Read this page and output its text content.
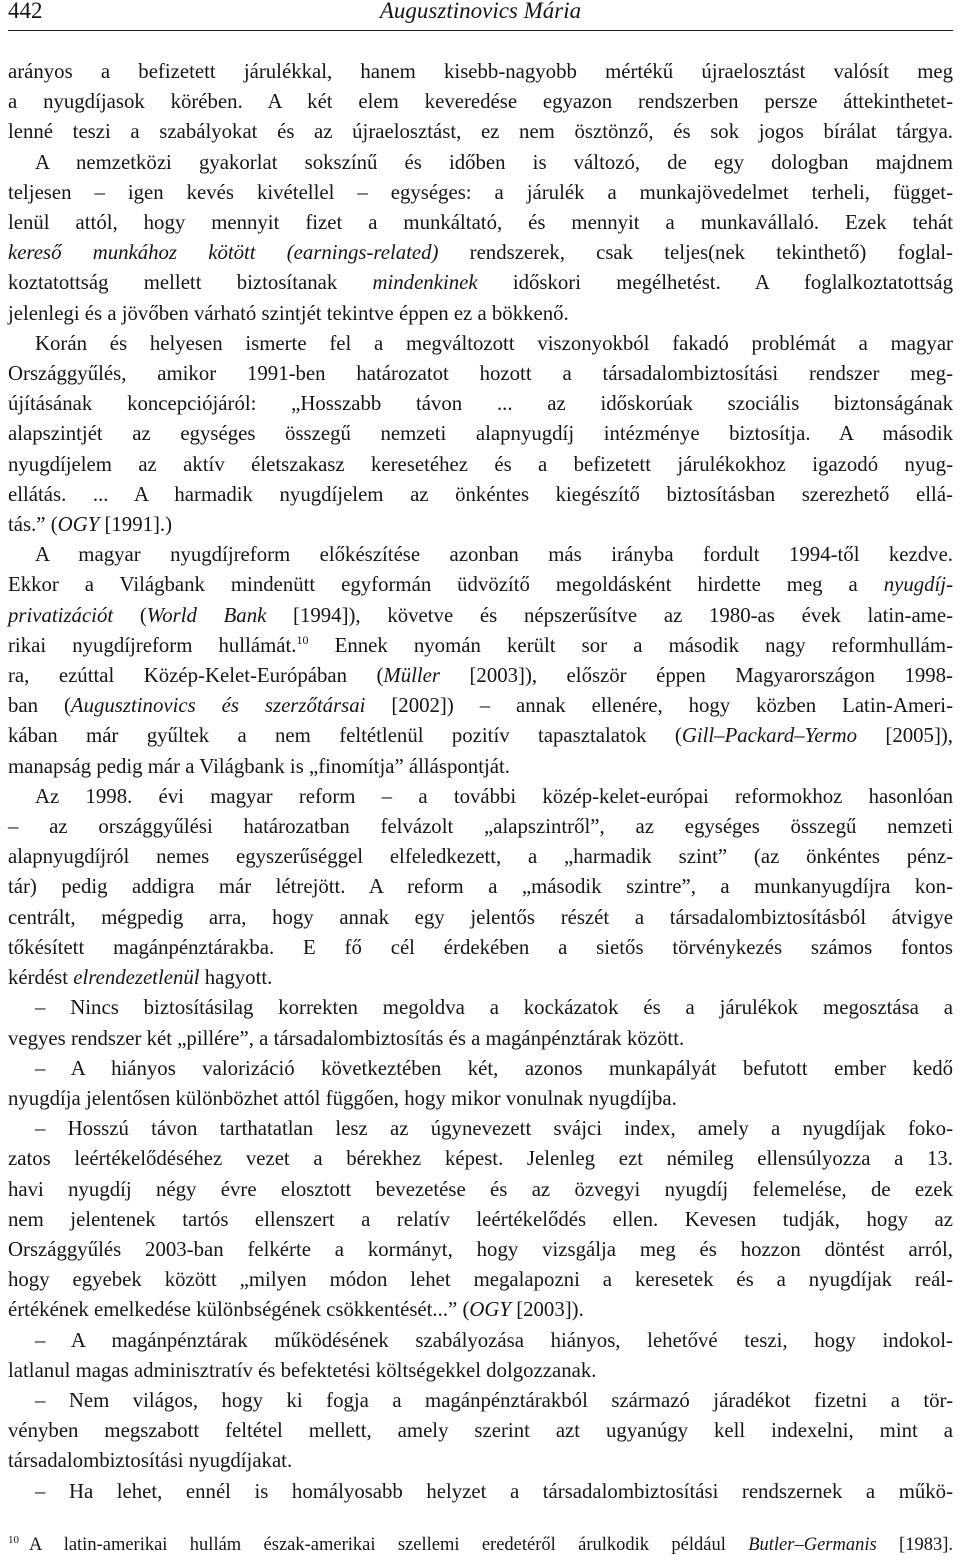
442	Augusztinovics Mária
arányos a befizetett járulékkal, hanem kisebb-nagyobb mértékű újraelosztást valósít meg
a nyugdíjasok körében. A két elem keveredése egyazon rendszerben persze áttekinthetet-
lenné teszi a szabályokat és az újraelosztást, ez nem ösztönző, és sok jogos bírálat tárgya.
A nemzetközi gyakorlat sokszínű és időben is változó, de egy dologban majdnem
teljesen – igen kevés kivétellel – egységes: a járulék a munkajövedelmet terheli, függet-
lenül attól, hogy mennyit fizet a munkáltató, és mennyit a munkavállaló. Ezek tehát
kereső munkához kötött (earnings-related) rendszerek, csak teljes(nek tekinthető) foglal-
koztatottság mellett biztosítanak mindenkinek időskori megélhetést. A foglalkoztatottság
jelenlegi és a jövőben várható szintjét tekintve éppen ez a bökkenő.
Korán és helyesen ismerte fel a megváltozott viszonyokból fakadó problémát a magyar
Országgyűlés, amikor 1991-ben határozatot hozott a társadalombiztosítási rendszer meg-
újításának koncepciójáról: „Hosszabb távon ... az időskorúak szociális biztonságának
alapszintjét az egységes összegű nemzeti alapnyugdíj intézménye biztosítja. A második
nyugdíjelem az aktív életszakasz keresetéhez és a befizetett járulékokhoz igazodó nyug-
ellátás. ... A harmadik nyugdíjelem az önkéntes kiegészítő biztosításban szerezhető ellá-
tás.” (OGY [1991].)
A magyar nyugdíjreform előkészítése azonban más irányba fordult 1994-től kezdve.
Ekkor a Világbank mindenütt egyformán üdvözítő megoldásként hirdette meg a nyugdíj-
privatizációt (World Bank [1994]), követve és népszerűsítve az 1980-as évek latin-ame-
rikai nyugdíjreform hullámát.$^{10}$ Ennek nyomán került sor a második nagy reformhullám-
ra, ezúttal Közép-Kelet-Európában (Müller [2003]), először éppen Magyarországon 1998-
ban (Augusztinovics és szerzőtársai [2002]) – annak ellenére, hogy közben Latin-Ameri-
kában már gyűltek a nem feltétlenül pozitív tapasztalatok (Gill–Packard–Yermo [2005]),
manapság pedig már a Világbank is „finomítja” álláspontját.
Az 1998. évi magyar reform – a további közép-kelet-európai reformokhoz hasonlóan
– az országgyűlési határozatban felvázolt „alapszintről”, az egységes összegű nemzeti
alapnyugdíjról nemes egyszerűséggel elfeledkezett, a „harmadik szint” (az önkéntes pénz-
tár) pedig addigra már létrejött. A reform a „második szintre”, a munkanyugdíjra kon-
centrált, mégpedig arra, hogy annak egy jelentős részét a társadalombiztosításból átvigye
tőkésített magánpénztárakba. E fő cél érdekében a sietős törvénykezés számos fontos
kérdést elrendezetlenül hagyott.
– Nincs biztosításilag korrekten megoldva a kockázatok és a járulékok megosztása a
vegyes rendszer két „pillére”, a társadalombiztosítás és a magánpénztárak között.
– A hiányos valorizáció következtében két, azonos munkapályát befutott ember kedő
nyugdíja jelentősen különbözhet attól függően, hogy mikor vonulnak nyugdíjba.
– Hosszú távon tarthatatlan lesz az úgynevezett svájci index, amely a nyugdíjak foko-
zatos leértékelődéséhez vezet a bérekhez képest. Jelenleg ezt némileg ellensúlyozza a 13.
havi nyugdíj négy évre elosztott bevezetése és az özvegyi nyugdíj felemelése, de ezek
nem jelentenek tartós ellenszert a relatív leértékelődés ellen. Kevesen tudják, hogy az
Országgyűlés 2003-ban felkérte a kormányt, hogy vizsgálja meg és hozzon döntést arról,
hogy egyebek között „milyen módon lehet megalapozni a keresetek és a nyugdíjak reál-
értékének emelkedése különbségének csökkentését...” (OGY [2003]).
– A magánpénztárak működésének szabályozása hiányos, lehetővé teszi, hogy indokol-
latlanul magas adminisztratív és befektetési költségekkel dolgozzanak.
– Nem világos, hogy ki fogja a magánpénztárakból származó járadékot fizetni a tör-
vényben megszabott feltétel mellett, amely szerint azt ugyanúgy kell indexelni, mint a
társadalombiztosítási nyugdíjakat.
– Ha lehet, ennél is homályosabb helyzet a társadalombiztosítási rendszernek a műkö-
$^{10}$ A latin-amerikai hullám észak-amerikai szellemi eredetéről árulkodik például Butler–Germanis [1983].
